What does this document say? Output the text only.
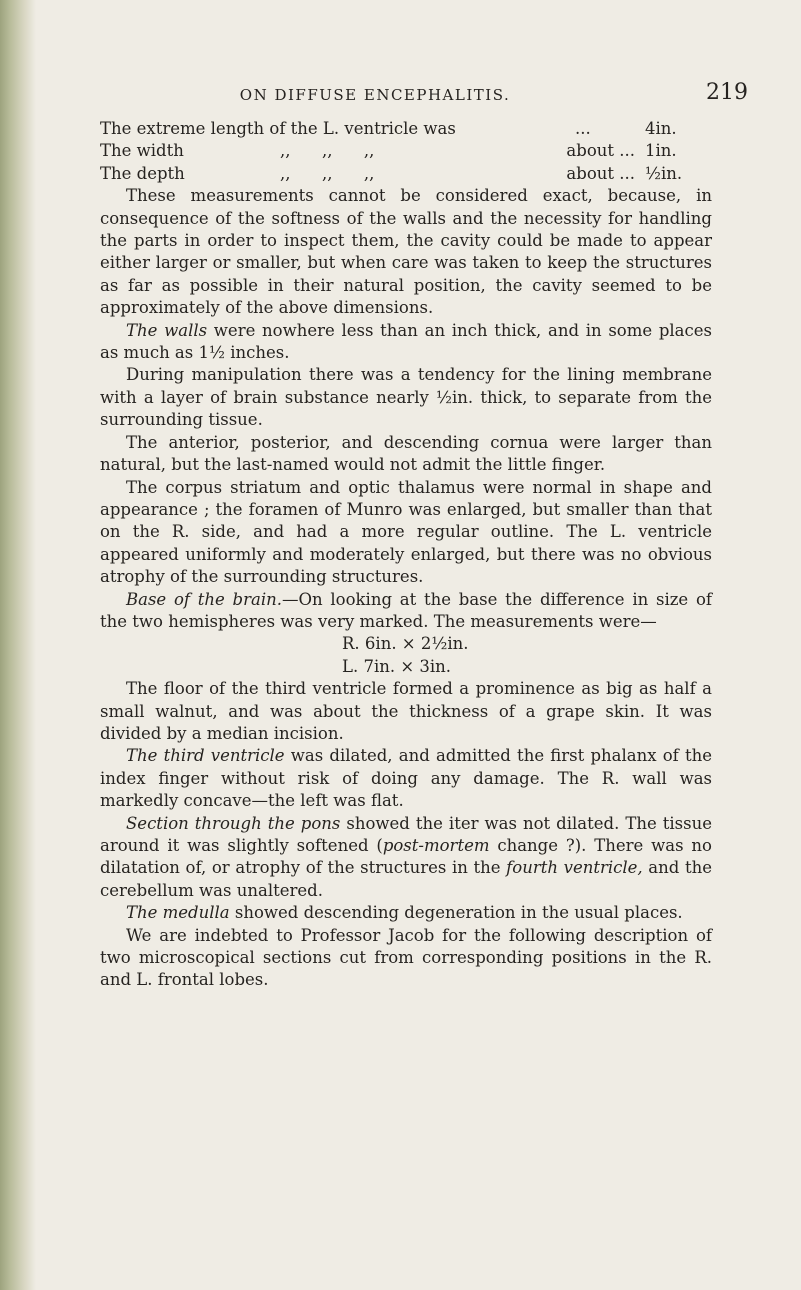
ON DIFFUSE ENCEPHALITIS.	219
The extreme length of the L. ventricle was	...	4in.
The width	,,      ,,      ,,	about ... 1in.
The depth	,,      ,,      ,,	about ... ½in.

These measurements cannot be considered exact, because, in consequence of the softness of the walls and the necessity for handling the parts in order to inspect them, the cavity could be made to appear either larger or smaller, but when care was taken to keep the structures as far as possible in their natural position, the cavity seemed to be approximately of the above dimensions.

The walls were nowhere less than an inch thick, and in some places as much as 1½ inches.

During manipulation there was a tendency for the lining membrane with a layer of brain substance nearly ½in. thick, to separate from the surrounding tissue.

The anterior, posterior, and descending cornua were larger than natural, but the last-named would not admit the little finger.

The corpus striatum and optic thalamus were normal in shape and appearance ; the foramen of Munro was enlarged, but smaller than that on the R. side, and had a more regular outline. The L. ventricle appeared uniformly and moderately enlarged, but there was no obvious atrophy of the surrounding structures.

Base of the brain.—On looking at the base the difference in size of the two hemispheres was very marked. The measurements were—

R. 6in. × 2½in.

L. 7in. × 3in.

The floor of the third ventricle formed a prominence as big as half a small walnut, and was about the thickness of a grape skin. It was divided by a median incision.

The third ventricle was dilated, and admitted the first phalanx of the index finger without risk of doing any damage. The R. wall was markedly concave—the left was flat.

Section through the pons showed the iter was not dilated. The tissue around it was slightly softened (post-mortem change ?). There was no dilatation of, or atrophy of the structures in the fourth ventricle, and the cerebellum was unaltered.

The medulla showed descending degeneration in the usual places.

We are indebted to Professor Jacob for the following description of two microscopical sections cut from corresponding positions in the R. and L. frontal lobes.
